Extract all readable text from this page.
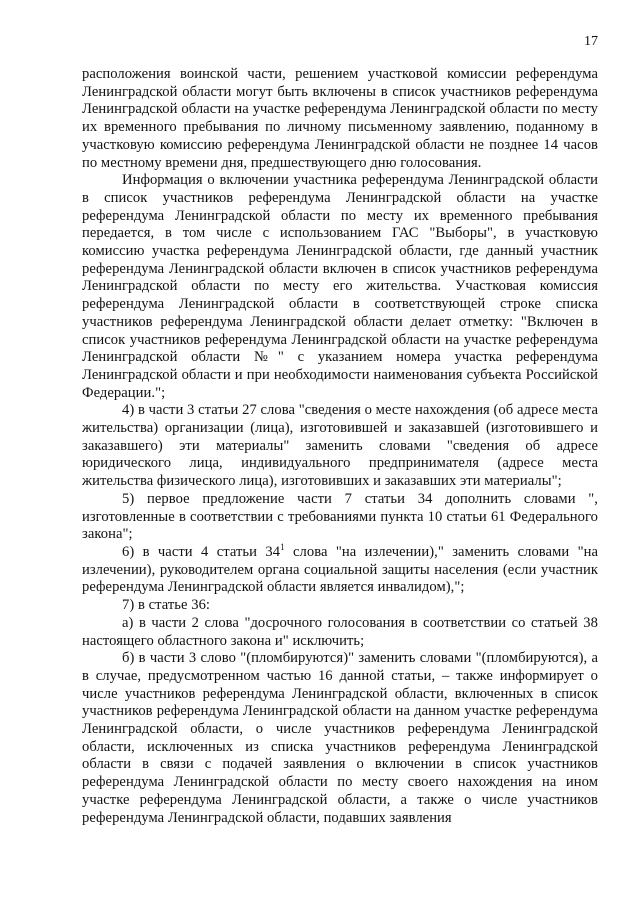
17

расположения воинской части, решением участковой комиссии референдума Ленинградской области могут быть включены в список участников референдума Ленинградской области на участке референдума Ленинградской области по месту их временного пребывания по личному письменному заявлению, поданному в участковую комиссию референдума Ленинградской области не позднее 14 часов по местному времени дня, предшествующего дню голосования.

Информация о включении участника референдума Ленинградской области в список участников референдума Ленинградской области на участке референдума Ленинградской области по месту их временного пребывания передается, в том числе с использованием ГАС "Выборы", в участковую комиссию участка референдума Ленинградской области, где данный участник референдума Ленинградской области включен в список участников референдума Ленинградской области по месту его жительства. Участковая комиссия референдума Ленинградской области в соответствующей строке списка участников референдума Ленинградской области делает отметку: "Включен в список участников референдума Ленинградской области на участке референдума Ленинградской области №" с указанием номера участка референдума Ленинградской области и при необходимости наименования субъекта Российской Федерации.";

4) в части 3 статьи 27 слова "сведения о месте нахождения (об адресе места жительства) организации (лица), изготовившей и заказавшей (изготовившего и заказавшего) эти материалы" заменить словами "сведения об адресе юридического лица, индивидуального предпринимателя (адресе места жительства физического лица), изготовивших и заказавших эти материалы";

5) первое предложение части 7 статьи 34 дополнить словами ", изготовленные в соответствии с требованиями пункта 10 статьи 61 Федерального закона";

6) в части 4 статьи $34^1$ слова "на излечении)," заменить словами "на излечении), руководителем органа социальной защиты населения (если участник референдума Ленинградской области является инвалидом),";

7) в статье 36:

а) в части 2 слова "досрочного голосования в соответствии со статьей 38 настоящего областного закона и" исключить;

б) в части 3 слово "(пломбируются)" заменить словами "(пломбируются), а в случае, предусмотренном частью 16 данной статьи, – также информирует о числе участников референдума Ленинградской области, включенных в список участников референдума Ленинградской области на данном участке референдума Ленинградской области, о числе участников референдума Ленинградской области, исключенных из списка участников референдума Ленинградской области в связи с подачей заявления о включении в список участников референдума Ленинградской области по месту своего нахождения на ином участке референдума Ленинградской области, а также о числе участников референдума Ленинградской области, подавших заявления
